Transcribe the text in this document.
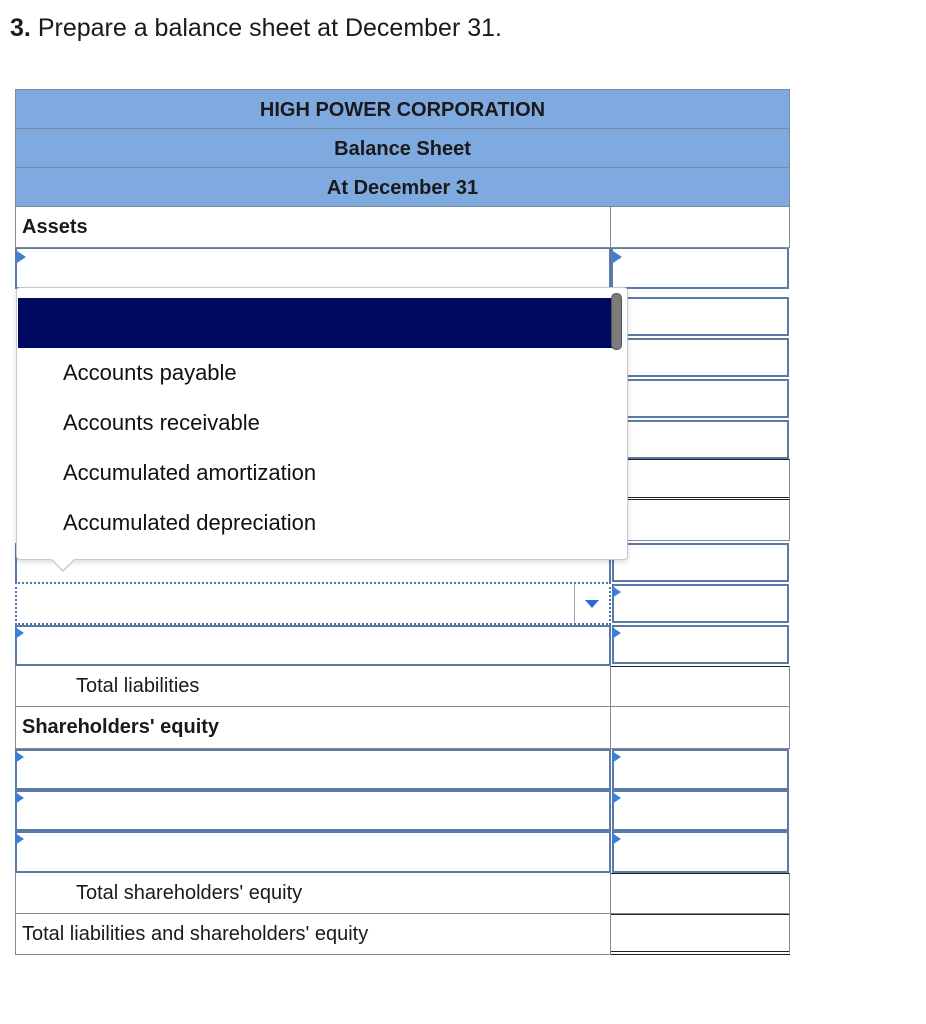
3. Prepare a balance sheet at December 31.
HIGH POWER CORPORATION
Balance Sheet
At December 31
Assets
Total liabilities
Shareholders' equity
Total shareholders' equity
Total liabilities and shareholders' equity
Accounts payable
Accounts receivable
Accumulated amortization
Accumulated depreciation
